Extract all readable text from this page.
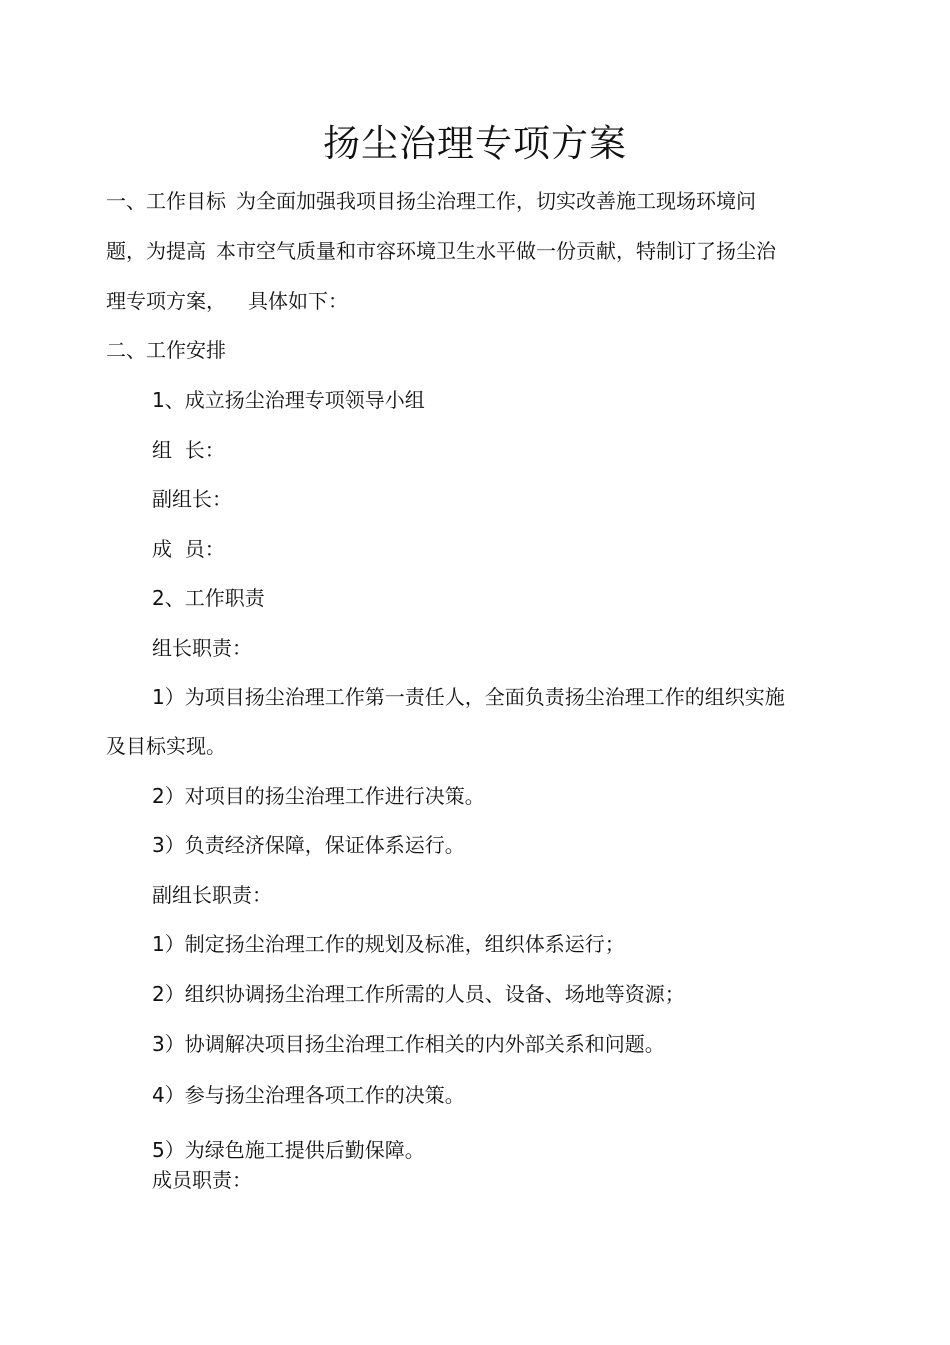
扬尘治理专项方案
一、工作目标 为全面加强我项目扬尘治理工作，切实改善施工现场环境问
题，为提高 本市空气质量和市容环境卫生水平做一份贡献，特制订了扬尘治
理专项方案， 具体如下：
二、工作安排
1、成立扬尘治理专项领导小组
组  长：
副组长：
成  员：
2、工作职责
组长职责：
1）为项目扬尘治理工作第一责任人，全面负责扬尘治理工作的组织实施
及目标实现。
2）对项目的扬尘治理工作进行决策。
3）负责经济保障，保证体系运行。
副组长职责：
1）制定扬尘治理工作的规划及标准，组织体系运行；
2）组织协调扬尘治理工作所需的人员、设备、场地等资源；
3）协调解决项目扬尘治理工作相关的内外部关系和问题。
4）参与扬尘治理各项工作的决策。
5）为绿色施工提供后勤保障。
成员职责：
